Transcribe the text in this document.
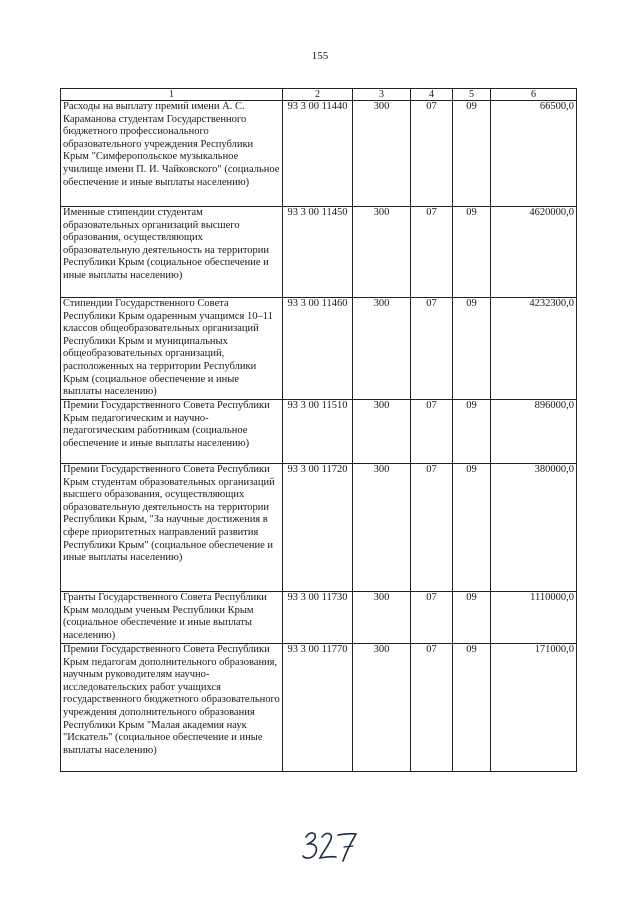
155
1	2	3	4	5	6
Расходы на выплату премий имени А. С. Караманова студентам Государственного бюджетного профессионального образовательного учреждения Республики Крым "Симферопольское музыкальное училище имени П. И. Чайковского" (социальное обеспечение и иные выплаты населению)	93 3 00 11440	300	07	09	66500,0
Именные стипендии студентам образовательных организаций высшего образования, осуществляющих образовательную деятельность на территории Республики Крым (социальное обеспечение и иные выплаты населению)	93 3 00 11450	300	07	09	4620000,0
Стипендии Государственного Совета Республики Крым одаренным учащимся 10–11 классов общеобразовательных организаций Республики Крым и муниципальных общеобразовательных организаций, расположенных на территории Республики Крым (социальное обеспечение и иные выплаты населению)	93 3 00 11460	300	07	09	4232300,0
Премии Государственного Совета Республики Крым педагогическим и научно-педагогическим работникам (социальное обеспечение и иные выплаты населению)	93 3 00 11510	300	07	09	896000,0
Премии Государственного Совета Республики Крым студентам образовательных организаций высшего образования, осуществляющих образовательную деятельность на территории Республики Крым, "За научные достижения в сфере приоритетных направлений развития Республики Крым" (социальное обеспечение и иные выплаты населению)	93 3 00 11720	300	07	09	380000,0
Гранты Государственного Совета Республики Крым молодым ученым Республики Крым (социальное обеспечение и иные выплаты населению)	93 3 00 11730	300	07	09	1110000,0
Премии Государственного Совета Республики Крым педагогам дополнительного образования, научным руководителям научно-исследовательских работ учащихся государственного бюджетного образовательного учреждения дополнительного образования Республики Крым "Малая академия наук "Искатель" (социальное обеспечение и иные выплаты населению)	93 3 00 11770	300	07	09	171000,0
